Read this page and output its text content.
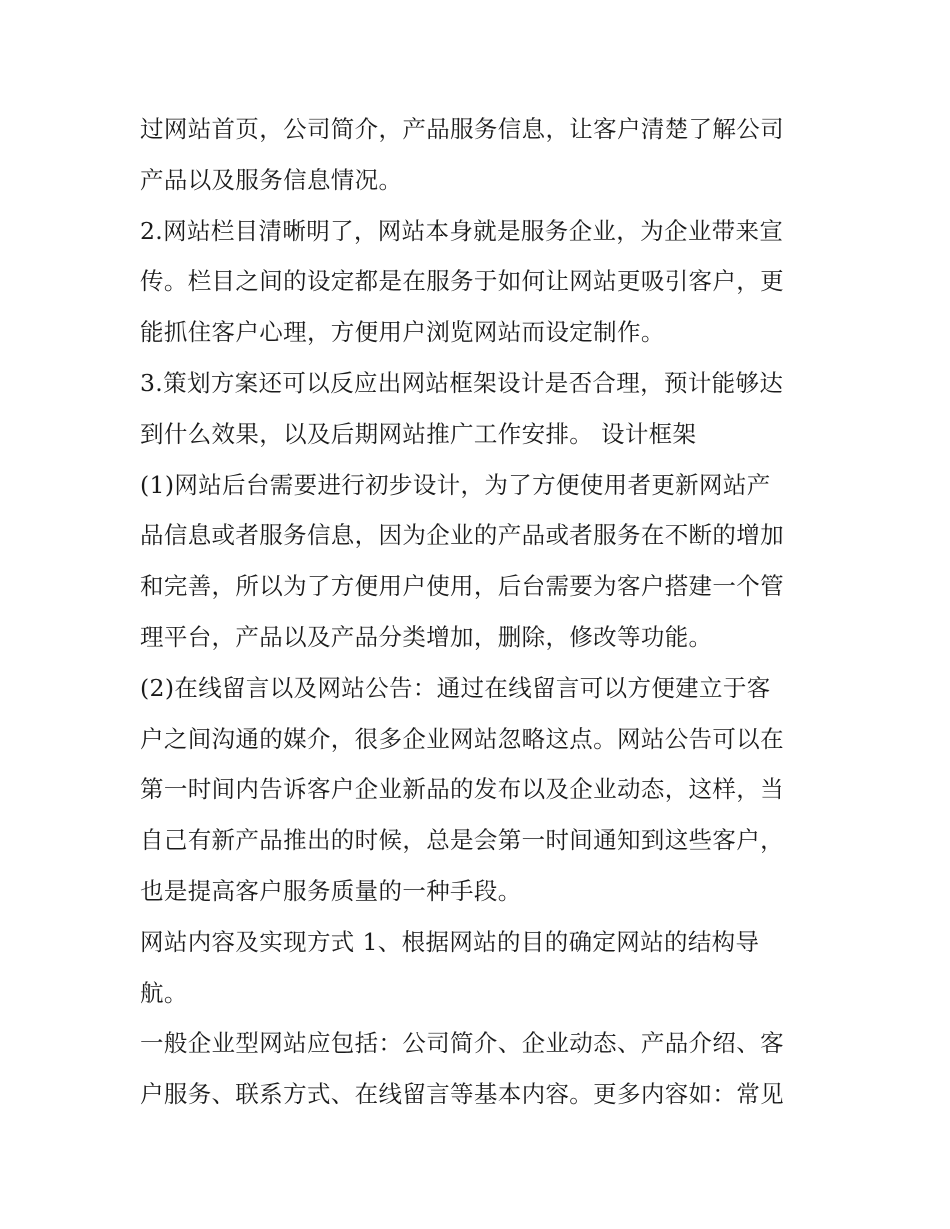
过网站首页，公司简介，产品服务信息，让客户清楚了解公司
产品以及服务信息情况。
2.网站栏目清晰明了，网站本身就是服务企业，为企业带来宣
传。栏目之间的设定都是在服务于如何让网站更吸引客户，更
能抓住客户心理，方便用户浏览网站而设定制作。
3.策划方案还可以反应出网站框架设计是否合理，预计能够达
到什么效果，以及后期网站推广工作安排。 设计框架
(1)网站后台需要进行初步设计，为了方便使用者更新网站产
品信息或者服务信息，因为企业的产品或者服务在不断的增加
和完善，所以为了方便用户使用，后台需要为客户搭建一个管
理平台，产品以及产品分类增加，删除，修改等功能。
(2)在线留言以及网站公告：通过在线留言可以方便建立于客
户之间沟通的媒介，很多企业网站忽略这点。网站公告可以在
第一时间内告诉客户企业新品的发布以及企业动态，这样，当
自己有新产品推出的时候，总是会第一时间通知到这些客户，
也是提高客户服务质量的一种手段。
网站内容及实现方式 1、根据网站的目的确定网站的结构导
航。
一般企业型网站应包括：公司简介、企业动态、产品介绍、客
户服务、联系方式、在线留言等基本内容。更多内容如：常见
